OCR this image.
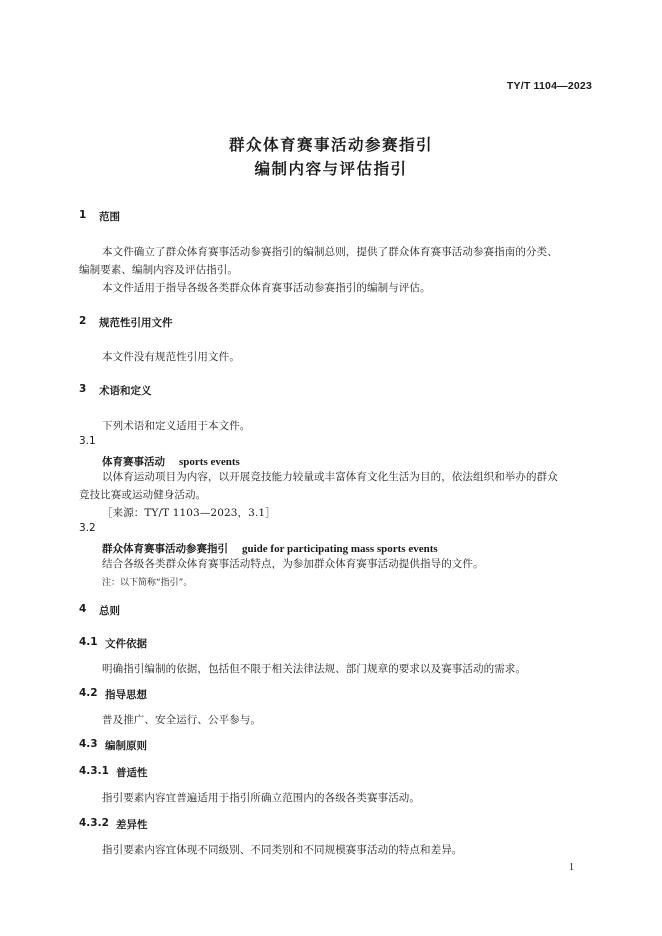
TY/T 1104—2023
群众体育赛事活动参赛指引
编制内容与评估指引
1 范围
本文件确立了群众体育赛事活动参赛指引的编制总则，提供了群众体育赛事活动参赛指南的分类、
编制要素、编制内容及评估指引。
本文件适用于指导各级各类群众体育赛事活动参赛指引的编制与评估。
2 规范性引用文件
本文件没有规范性引用文件。
3 术语和定义
下列术语和定义适用于本文件。
3.1
体育赛事活动 sports events
以体育运动项目为内容，以开展竞技能力较量或丰富体育文化生活为目的，依法组织和举办的群众
竞技比赛或运动健身活动。
［来源：TY/T 1103—2023，3.1］
3.2
群众体育赛事活动参赛指引 guide for participating mass sports events
结合各级各类群众体育赛事活动特点，为参加群众体育赛事活动提供指导的文件。
注：以下简称“指引”。
4 总则
4.1 文件依据
明确指引编制的依据，包括但不限于相关法律法规、部门规章的要求以及赛事活动的需求。
4.2 指导思想
普及推广、安全运行、公平参与。
4.3 编制原则
4.3.1 普适性
指引要素内容宜普遍适用于指引所确立范围内的各级各类赛事活动。
4.3.2 差异性
指引要素内容宜体现不同级别、不同类别和不同规模赛事活动的特点和差异。
1
